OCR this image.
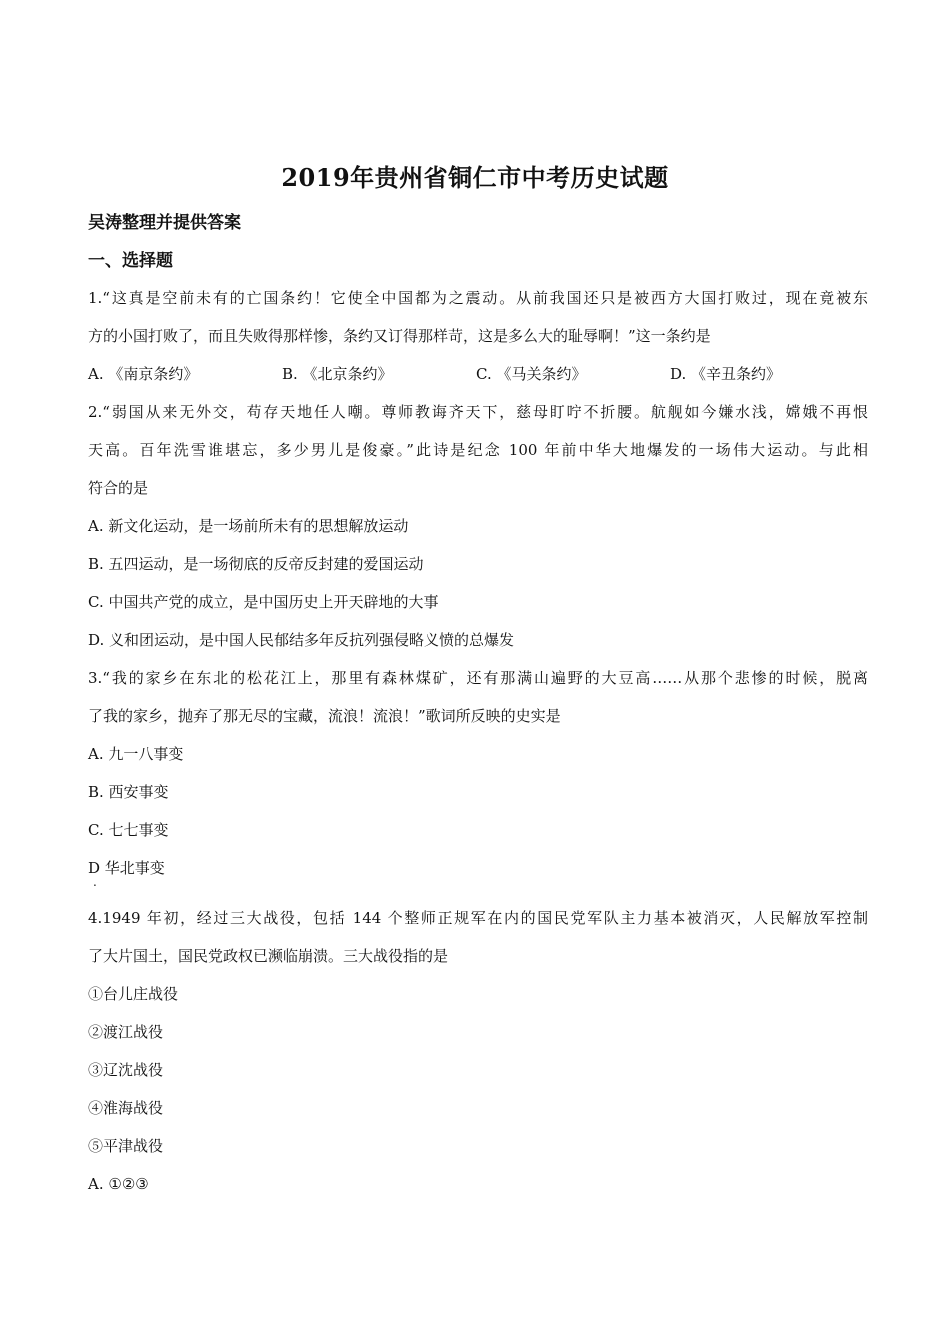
2019年贵州省铜仁市中考历史试题
吴涛整理并提供答案
一、选择题
1.“这真是空前未有的亡国条约！它使全中国都为之震动。从前我国还只是被西方大国打败过，现在竟被东
方的小国打败了，而且失败得那样惨，条约又订得那样苛，这是多么大的耻辱啊！”这一条约是
A. 《南京条约》	B. 《北京条约》	C. 《马关条约》	D. 《辛丑条约》
2.“弱国从来无外交，苟存天地任人嘲。尊师教诲齐天下，慈母盯咛不折腰。航舰如今嫌水浅，嫦娥不再恨
天高。百年洗雪谁堪忘，多少男儿是俊豪。”此诗是纪念 100 年前中华大地爆发的一场伟大运动。与此相
符合的是
A. 新文化运动，是一场前所未有的思想解放运动
B. 五四运动，是一场彻底的反帝反封建的爱国运动
C. 中国共产党的成立，是中国历史上开天辟地的大事
D. 义和团运动，是中国人民郁结多年反抗列强侵略义愤的总爆发
3.“我的家乡在东北的松花江上，那里有森林煤矿，还有那满山遍野的大豆高……从那个悲惨的时候，脱离
了我的家乡，抛弃了那无尽的宝藏，流浪！流浪！”歌词所反映的史实是
A. 九一八事变
B. 西安事变
C. 七七事变
D 华北事变
.
4.1949 年初，经过三大战役，包括 144 个整师正规军在内的国民党军队主力基本被消灭，人民解放军控制
了大片国土，国民党政权已濒临崩溃。三大战役指的是
①台儿庄战役
②渡江战役
③辽沈战役
④淮海战役
⑤平津战役
A. ①②③
